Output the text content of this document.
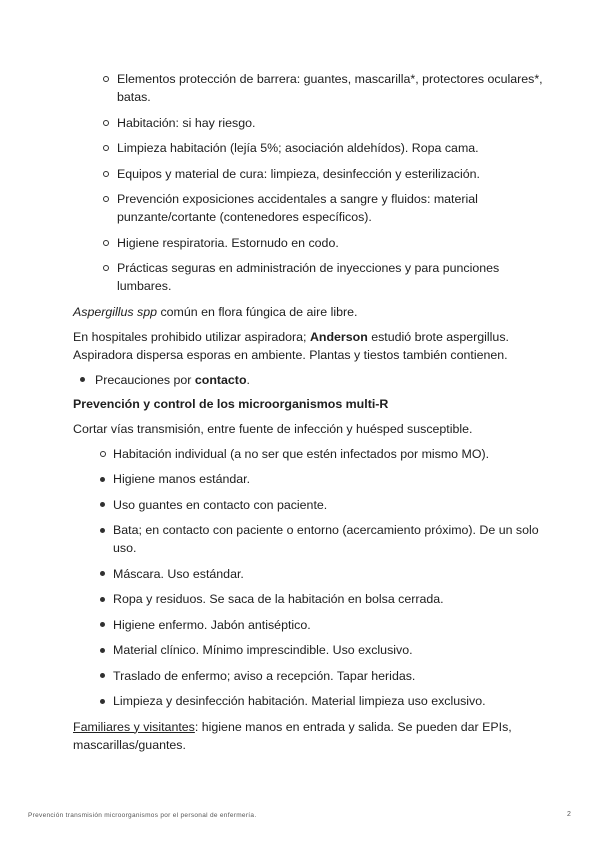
Elementos protección de barrera: guantes, mascarilla*, protectores oculares*, batas.
Habitación: si hay riesgo.
Limpieza habitación (lejía 5%; asociación aldehídos). Ropa cama.
Equipos y material de cura: limpieza, desinfección y esterilización.
Prevención exposiciones accidentales a sangre y fluidos: material punzante/cortante (contenedores específicos).
Higiene respiratoria. Estornudo en codo.
Prácticas seguras en administración de inyecciones y para punciones lumbares.

Aspergillus spp común en flora fúngica de aire libre.

En hospitales prohibido utilizar aspiradora; Anderson estudió brote aspergillus. Aspiradora dispersa esporas en ambiente. Plantas y tiestos también contienen.

Precauciones por contacto.
Prevención y control de los microorganismos multi-R

Cortar vías transmisión, entre fuente de infección y huésped susceptible.

Habitación individual (a no ser que estén infectados por mismo MO).
Higiene manos estándar.
Uso guantes en contacto con paciente.
Bata; en contacto con paciente o entorno (acercamiento próximo). De un solo uso.
Máscara. Uso estándar.
Ropa y residuos. Se saca de la habitación en bolsa cerrada.
Higiene enfermo. Jabón antiséptico.
Material clínico. Mínimo imprescindible. Uso exclusivo.
Traslado de enfermo; aviso a recepción. Tapar heridas.
Limpieza y desinfección habitación. Material limpieza uso exclusivo.

Familiares y visitantes: higiene manos en entrada y salida. Se pueden dar EPIs, mascarillas/guantes.

Prevención transmisión microorganismos por el personal de enfermería.	2
